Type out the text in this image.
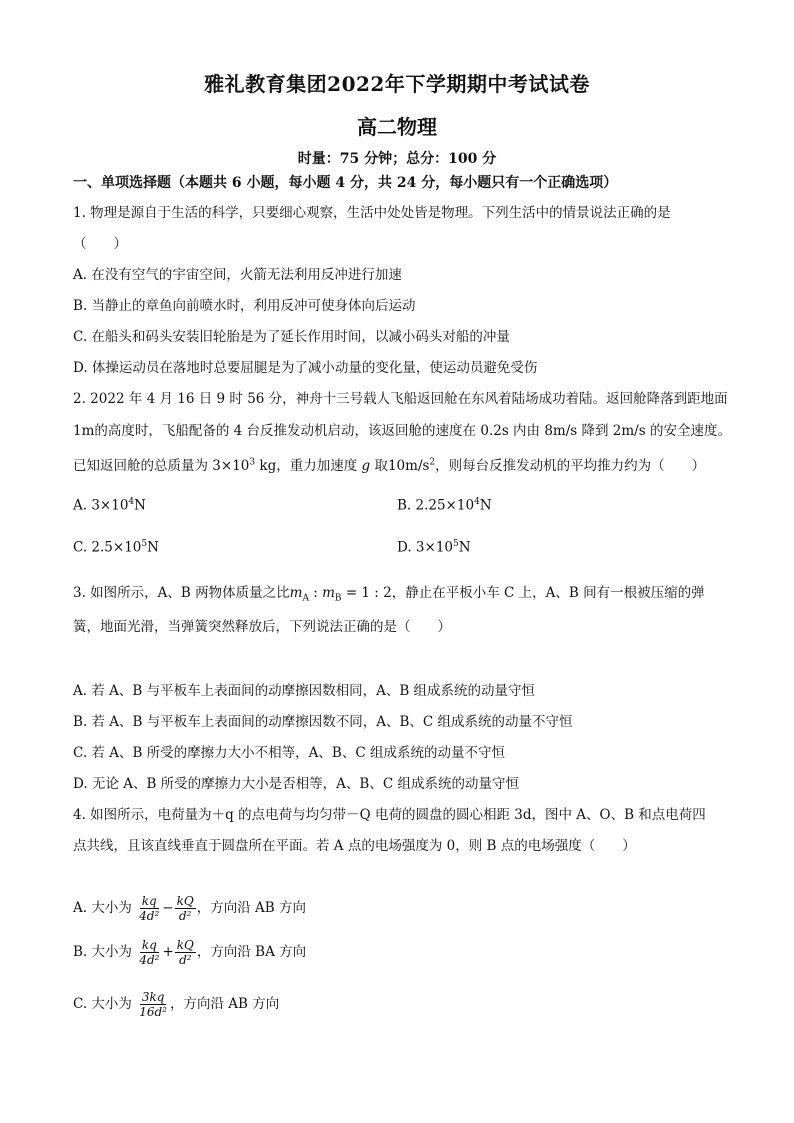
雅礼教育集团2022年下学期期中考试试卷
高二物理
时量：75 分钟；总分：100 分
一、单项选择题（本题共 6 小题，每小题 4 分，共 24 分，每小题只有一个正确选项）
1. 物理是源自于生活的科学，只要细心观察，生活中处处皆是物理。下列生活中的情景说法正确的是
（　　）
A. 在没有空气的宇宙空间，火箭无法利用反冲进行加速
B. 当静止的章鱼向前喷水时，利用反冲可使身体向后运动
C. 在船头和码头安装旧轮胎是为了延长作用时间，以减小码头对船的冲量
D. 体操运动员在落地时总要屈腿是为了减小动量的变化量，使运动员避免受伤
2. 2022 年 4 月 16 日 9 时 56 分，神舟十三号载人飞船返回舱在东风着陆场成功着陆。返回舱降落到距地面
1m的高度时，飞船配备的 4 台反推发动机启动，该返回舱的速度在 0.2s 内由 8m/s 降到 2m/s 的安全速度。
已知返回舱的总质量为 $3\times 10^3$ kg，重力加速度 g 取$10m/s^2$，则每台反推发动机的平均推力约为（　　）
A. $3\times 10^4N$	B. $2.25\times 10^4N$
C. $2.5\times 10^5N$	D. $3\times 10^5N$
3. 如图所示，A、B 两物体质量之比$m_A$ : $m_B = 1$ : 2，静止在平板小车 C 上，A、B 间有一根被压缩的弹
簧，地面光滑，当弹簧突然释放后，下列说法正确的是（　　）
A. 若 A、B 与平板车上表面间的动摩擦因数相同，A、B 组成系统的动量守恒
B. 若 A、B 与平板车上表面间的动摩擦因数不同，A、B、C 组成系统的动量不守恒
C. 若 A、B 所受的摩擦力大小不相等，A、B、C 组成系统的动量不守恒
D. 无论 A、B 所受的摩擦力大小是否相等，A、B、C 组成系统的动量守恒
4. 如图所示，电荷量为＋q 的点电荷与均匀带－Q 电荷的圆盘的圆心相距 3d，图中 A、O、B 和点电荷四
点共线，且该直线垂直于圆盘所在平面。若 A 点的电场强度为 0，则 B 点的电场强度（　　）
A. 大小为 $\frac{kq}{\text{4d²}} - \frac{kQ}{\text{d²}}$ ，方向沿 AB 方向
B. 大小为 $\frac{kq}{\text{4d²}} + \frac{kQ}{\text{d²}}$ ，方向沿 BA 方向
C. 大小为 $\frac{3kq}{\text{16d²}}$ ，方向沿 AB 方向
